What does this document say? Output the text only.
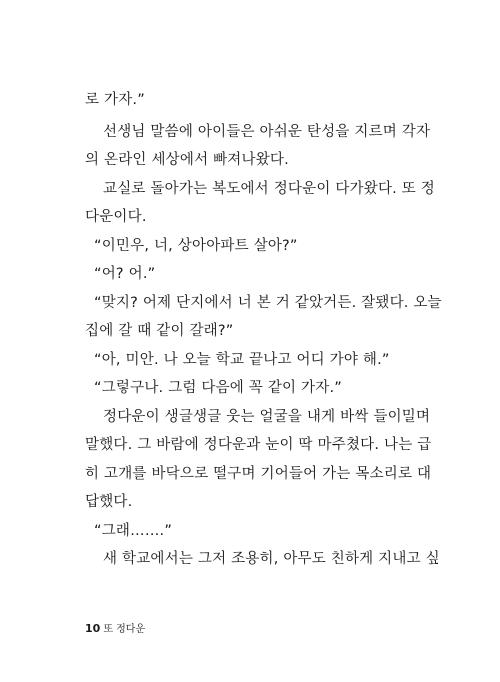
로 가자.”
선생님 말씀에 아이들은 아쉬운 탄성을 지르며 각자
의 온라인 세상에서 빠져나왔다.
교실로 돌아가는 복도에서 정다운이 다가왔다. 또 정
다운이다.
“이민우, 너, 상아아파트 살아?”
“어? 어.”
“맞지? 어제 단지에서 너 본 거 같았거든. 잘됐다. 오늘
집에 갈 때 같이 갈래?”
“아, 미안. 나 오늘 학교 끝나고 어디 가야 해.”
“그렇구나. 그럼 다음에 꼭 같이 가자.”
정다운이 생글생글 웃는 얼굴을 내게 바싹 들이밀며
말했다. 그 바람에 정다운과 눈이 딱 마주쳤다. 나는 급
히 고개를 바닥으로 떨구며 기어들어 가는 목소리로 대
답했다.
“그래…….”
새 학교에서는 그저 조용히, 아무도 친하게 지내고 싶
10 또 정다운
